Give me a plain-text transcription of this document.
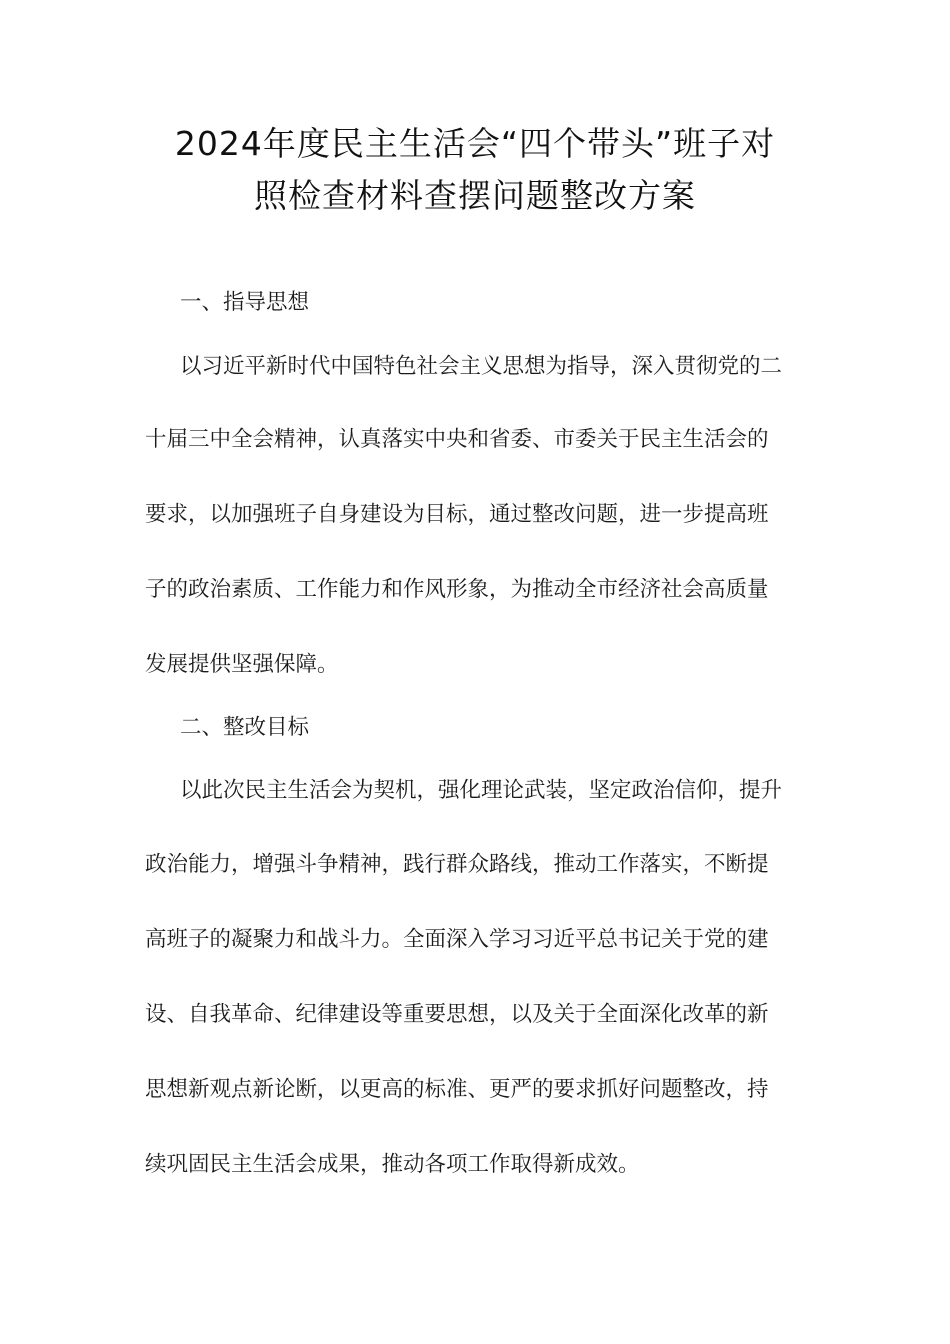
2024年度民主生活会“四个带头”班子对
照检查材料查摆问题整改方案
一、指导思想
以习近平新时代中国特色社会主义思想为指导，深入贯彻党的二
十届三中全会精神，认真落实中央和省委、市委关于民主生活会的
要求，以加强班子自身建设为目标，通过整改问题，进一步提高班
子的政治素质、工作能力和作风形象，为推动全市经济社会高质量
发展提供坚强保障。
二、整改目标
以此次民主生活会为契机，强化理论武装，坚定政治信仰，提升
政治能力，增强斗争精神，践行群众路线，推动工作落实，不断提
高班子的凝聚力和战斗力。全面深入学习习近平总书记关于党的建
设、自我革命、纪律建设等重要思想，以及关于全面深化改革的新
思想新观点新论断，以更高的标准、更严的要求抓好问题整改，持
续巩固民主生活会成果，推动各项工作取得新成效。
